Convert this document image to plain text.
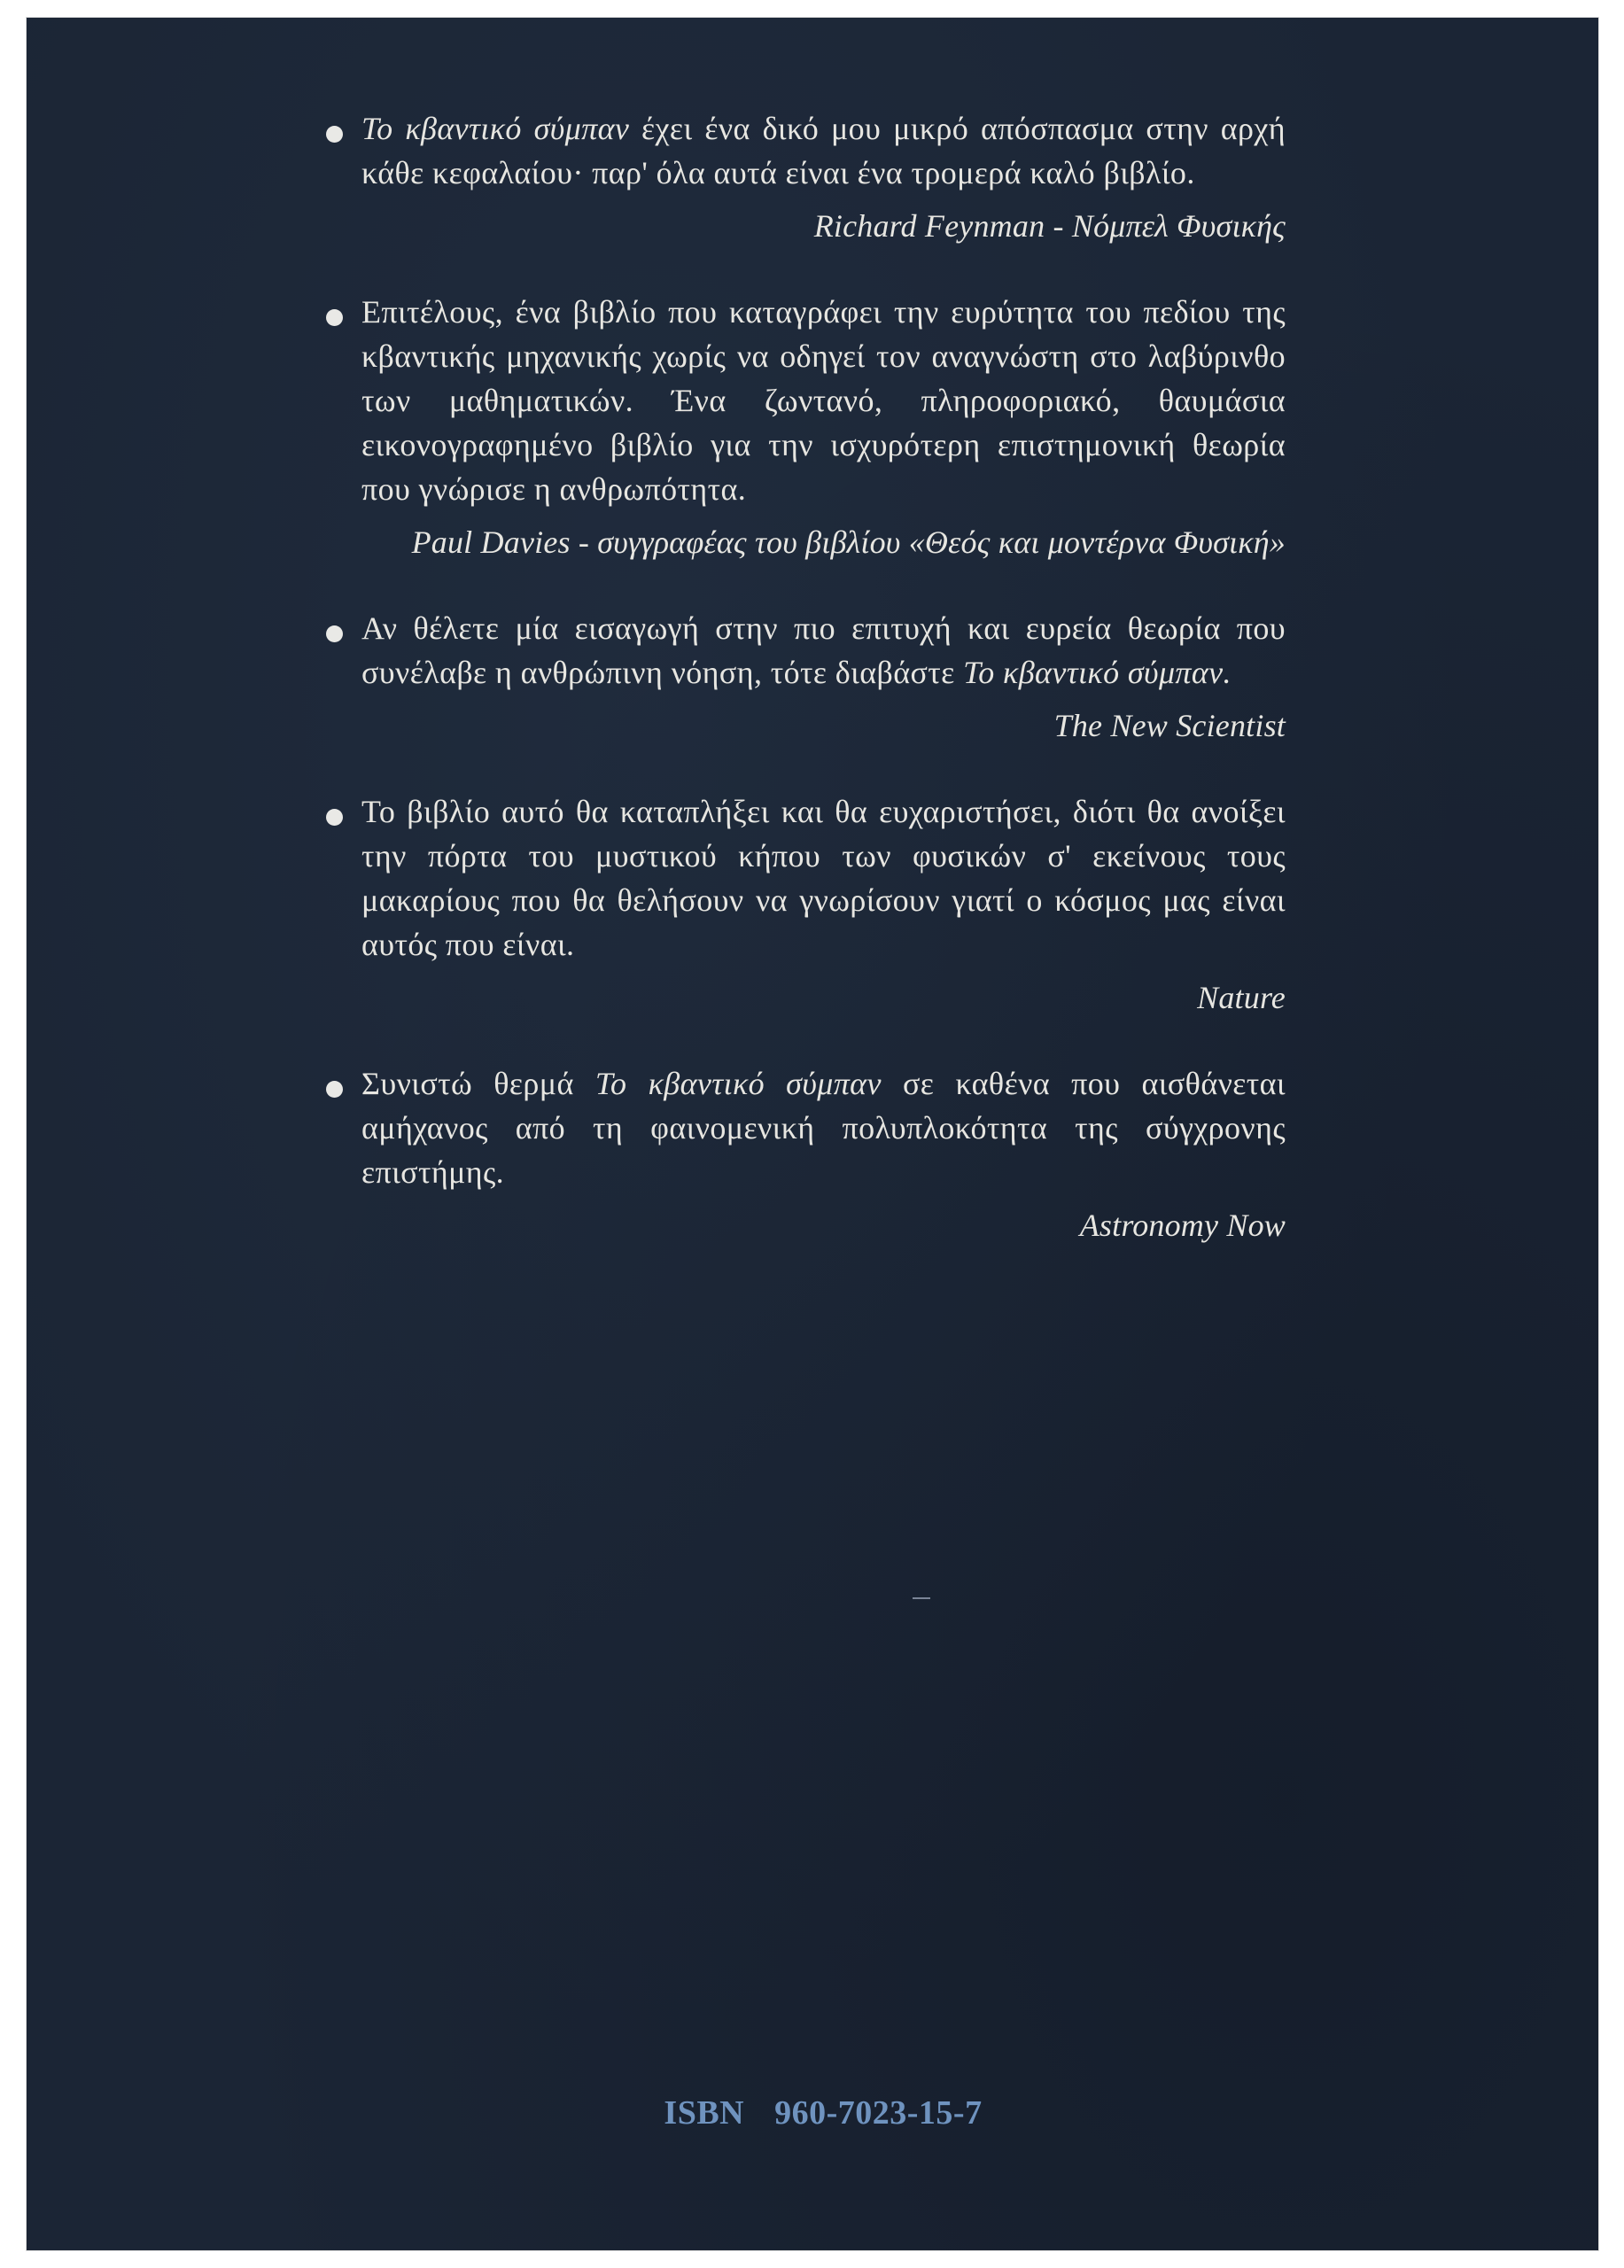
Το κβαντικό σύμπαν έχει ένα δικό μου μικρό απόσπασμα στην αρχή κάθε κεφαλαίου· παρ' όλα αυτά είναι ένα τρομερά καλό βιβλίο.

Richard Feynman - Νόμπελ Φυσικής

Επιτέλους, ένα βιβλίο που καταγράφει την ευρύτητα του πεδίου της κβαντικής μηχανικής χωρίς να οδηγεί τον αναγνώστη στο λαβύρινθο των μαθηματικών. Ένα ζωντανό, πληροφοριακό, θαυμάσια εικονογραφημένο βιβλίο για την ισχυρότερη επιστημονική θεωρία που γνώρισε η ανθρωπότητα.

Paul Davies - συγγραφέας του βιβλίου «Θεός και μοντέρνα Φυσική»

Αν θέλετε μία εισαγωγή στην πιο επιτυχή και ευρεία θεωρία που συνέλαβε η ανθρώπινη νόηση, τότε διαβάστε Το κβαντικό σύμπαν.

The New Scientist

Το βιβλίο αυτό θα καταπλήξει και θα ευχαριστήσει, διότι θα ανοίξει την πόρτα του μυστικού κήπου των φυσικών σ' εκείνους τους μακαρίους που θα θελήσουν να γνωρίσουν γιατί ο κόσμος μας είναι αυτός που είναι.

Nature

Συνιστώ θερμά Το κβαντικό σύμπαν σε καθένα που αισθάνεται αμήχανος από τη φαινομενική πολυπλοκότητα της σύγχρονης επιστήμης.

Astronomy Now

ISBN 960-7023-15-7
